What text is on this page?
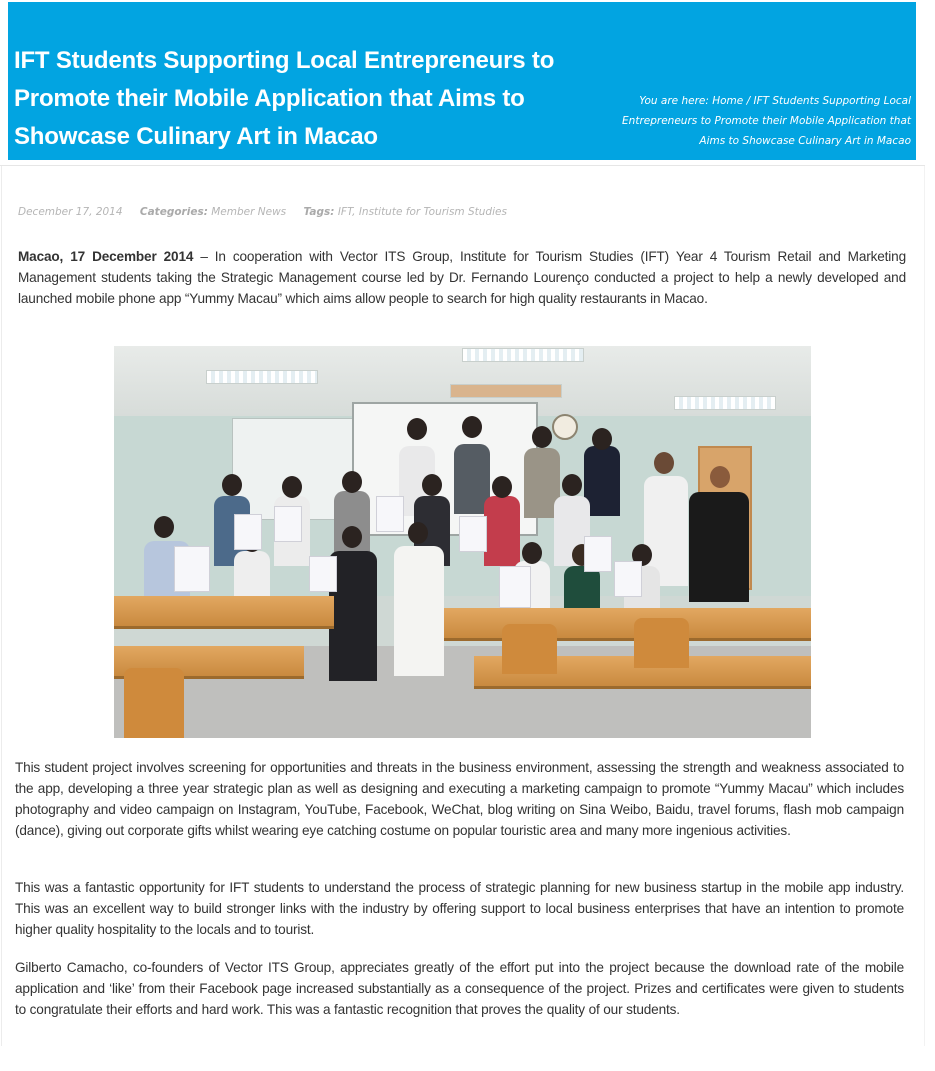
IFT Students Supporting Local Entrepreneurs to Promote their Mobile Application that Aims to Showcase Culinary Art in Macao
You are here: Home / IFT Students Supporting Local Entrepreneurs to Promote their Mobile Application that Aims to Showcase Culinary Art in Macao
December 17, 2014 Categories: Member News Tags: IFT, Institute for Tourism Studies

Macao, 17 December 2014 – In cooperation with Vector ITS Group, Institute for Tourism Studies (IFT) Year 4 Tourism Retail and Marketing Management students taking the Strategic Management course led by Dr. Fernando Lourenço conducted a project to help a newly developed and launched mobile phone app “Yummy Macau” which aims allow people to search for high quality restaurants in Macao.

This student project involves screening for opportunities and threats in the business environment, assessing the strength and weakness associated to the app, developing a three year strategic plan as well as designing and executing a marketing campaign to promote “Yummy Macau” which includes photography and video campaign on Instagram, YouTube, Facebook, WeChat, blog writing on Sina Weibo, Baidu, travel forums, flash mob campaign (dance), giving out corporate gifts whilst wearing eye catching costume on popular touristic area and many more ingenious activities.

This was a fantastic opportunity for IFT students to understand the process of strategic planning for new business startup in the mobile app industry. This was an excellent way to build stronger links with the industry by offering support to local business enterprises that have an intention to promote higher quality hospitality to the locals and to tourist.

Gilberto Camacho, co-founders of Vector ITS Group, appreciates greatly of the effort put into the project because the download rate of the mobile application and ‘like’ from their Facebook page increased substantially as a consequence of the project. Prizes and certificates were given to students to congratulate their efforts and hard work. This was a fantastic recognition that proves the quality of our students.
